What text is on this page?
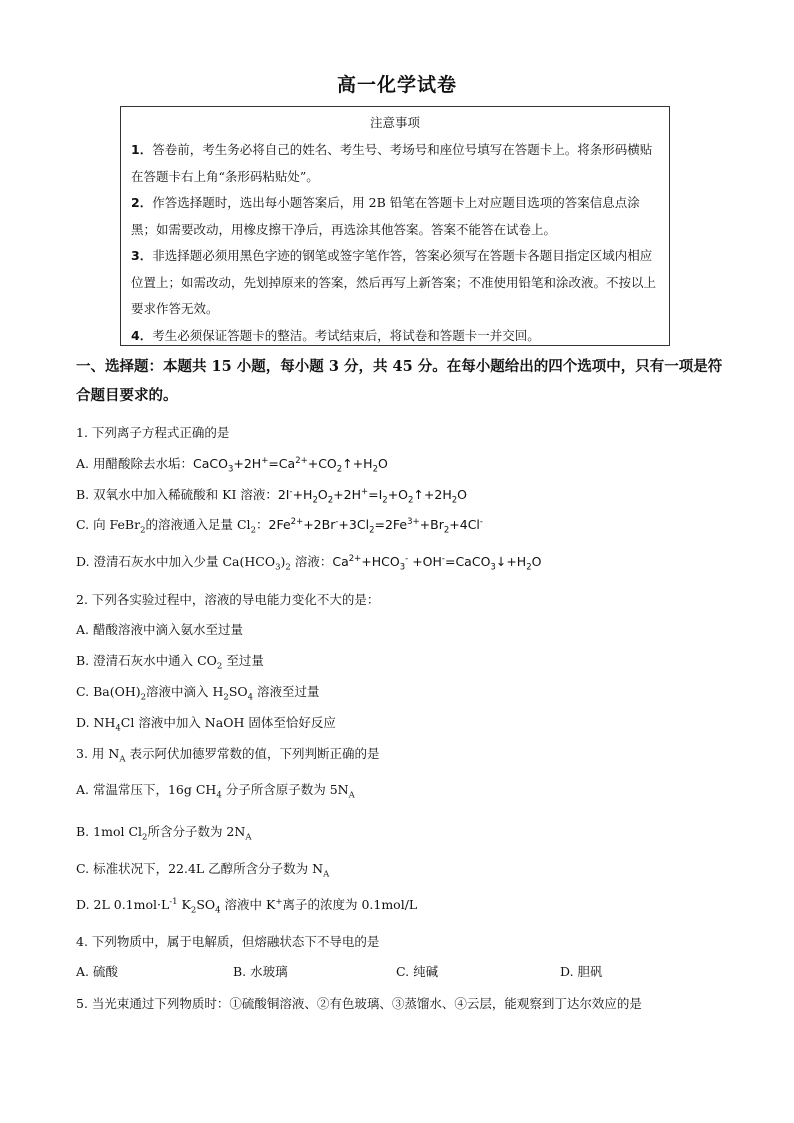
高一化学试卷
注意事项
1．答卷前，考生务必将自己的姓名、考生号、考场号和座位号填写在答题卡上。将条形码横贴在答题卡右上角“条形码粘贴处”。
2．作答选择题时，选出每小题答案后，用 2B 铅笔在答题卡上对应题目选项的答案信息点涂黑；如需要改动，用橡皮擦干净后，再选涂其他答案。答案不能答在试卷上。
3．非选择题必须用黑色字迹的钢笔或签字笔作答，答案必须写在答题卡各题目指定区域内相应位置上；如需改动，先划掉原来的答案，然后再写上新答案；不准使用铅笔和涂改液。不按以上要求作答无效。
4．考生必须保证答题卡的整洁。考试结束后，将试卷和答题卡一并交回。
一、选择题：本题共 15 小题，每小题 3 分，共 45 分。在每小题给出的四个选项中，只有一项是符合题目要求的。
1. 下列离子方程式正确的是
A. 用醋酸除去水垢：$CaCO_3+2H^+=Ca^{2+}+CO_2↑+H_2O$
B. 双氧水中加入稀硫酸和 KI 溶液：$2I^-+H_2O_2+2H^+=I_2+O_2↑+2H_2O$
C. 向 FeBr$_2$的溶液通入足量 $Cl_2$：$2Fe^{2+}+2Br^-+3Cl_2=2Fe^{3+}+Br_2+4Cl^-$
D. 澄清石灰水中加入少量 $Ca(HCO_3)_2$ 溶液：$Ca^{2+}+HCO_3^-$ $+OH^-=CaCO_3↓+H_2O$
2. 下列各实验过程中，溶液的导电能力变化不大的是：
A. 醋酸溶液中滴入氨水至过量
B. 澄清石灰水中通入 $CO_2$ 至过量
C. $Ba(OH)_2$溶液中滴入 $H_2SO_4$ 溶液至过量
D. $NH_4Cl$ 溶液中加入 NaOH 固体至恰好反应
3. 用 $N_A$ 表示阿伏加德罗常数的值，下列判断正确的是
A. 常温常压下，16g $CH_4$ 分子所含原子数为 $5N_A$
B. 1mol $Cl_2$所含分子数为 $2N_A$
C. 标准状况下，22.4L 乙醇所含分子数为 $N_A$
D. 2L $0.1mol\cdot L^{-1}$ $K_2SO_4$ 溶液中 K+离子的浓度为 0.1mol/L
4. 下列物质中，属于电解质，但熔融状态下不导电的是
A. 硫酸	B. 水玻璃	C. 纯碱	D. 胆矾
5. 当光束通过下列物质时：①硫酸铜溶液、②有色玻璃、③蒸馏水、④云层，能观察到丁达尔效应的是
